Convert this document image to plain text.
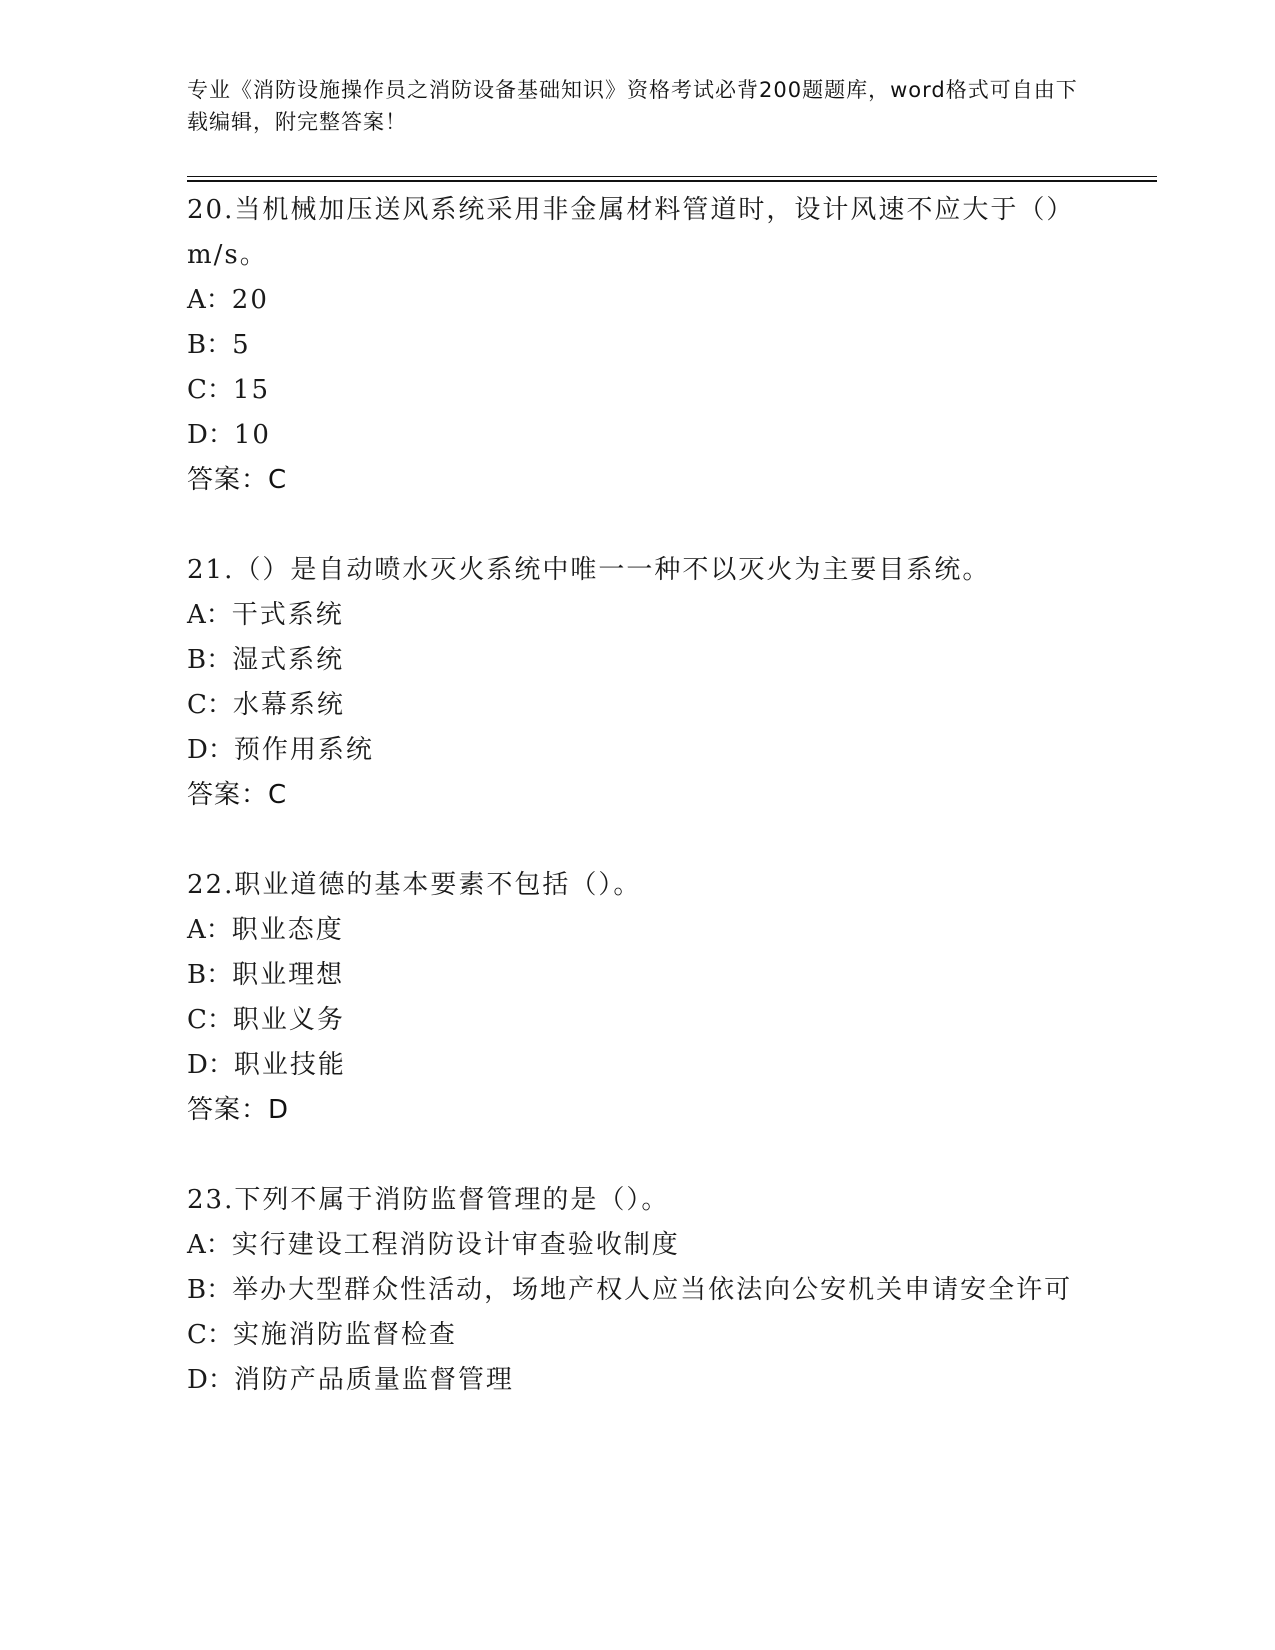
专业《消防设施操作员之消防设备基础知识》资格考试必背200题题库，word格式可自由下载编辑，附完整答案！
20.当机械加压送风系统采用非金属材料管道时，设计风速不应大于（）m/s。
A：20
B：5
C：15
D：10
答案：C
21.（）是自动喷水灭火系统中唯一一种不以灭火为主要目系统。
A：干式系统
B：湿式系统
C：水幕系统
D：预作用系统
答案：C
22.职业道德的基本要素不包括（）。
A：职业态度
B：职业理想
C：职业义务
D：职业技能
答案：D
23.下列不属于消防监督管理的是（）。
A：实行建设工程消防设计审查验收制度
B：举办大型群众性活动，场地产权人应当依法向公安机关申请安全许可
C：实施消防监督检查
D：消防产品质量监督管理
